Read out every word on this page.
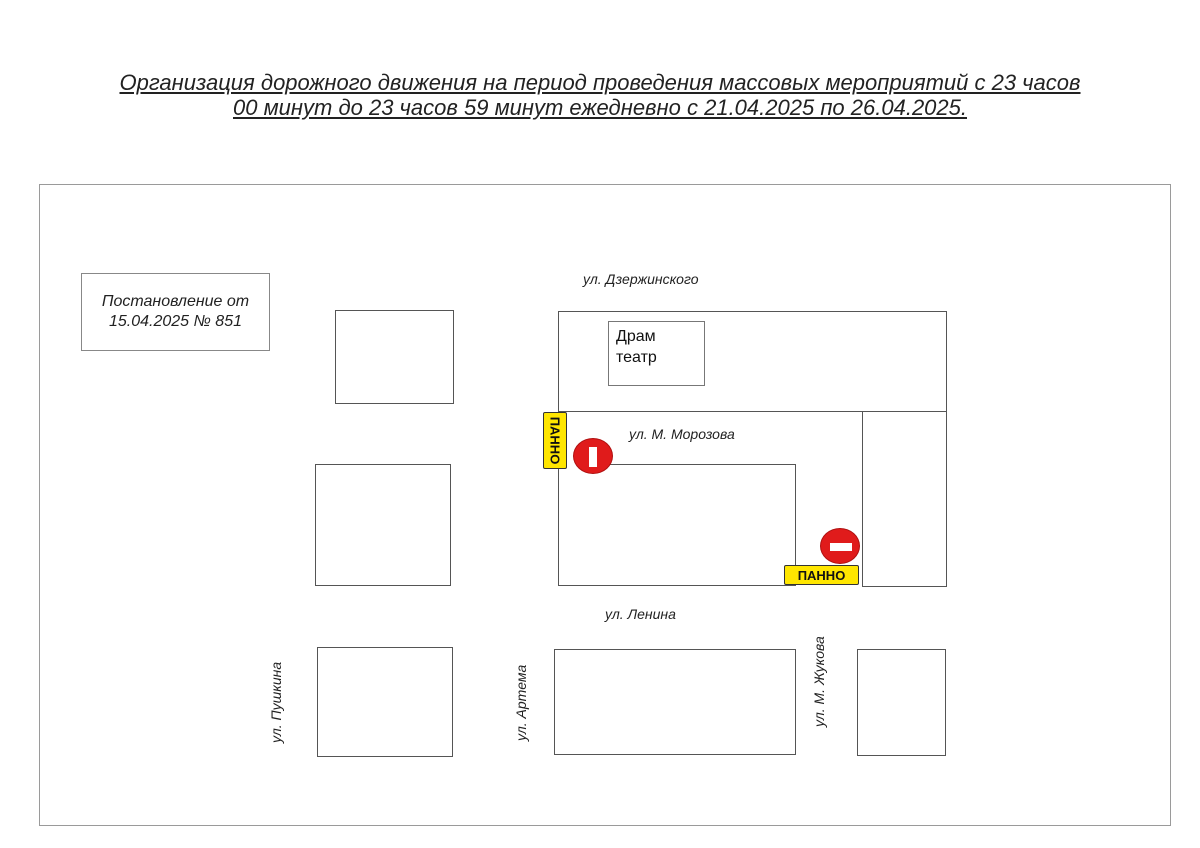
Организация дорожного движения на период проведения массовых мероприятий с 23 часов
00 минут до 23 часов 59 минут ежедневно с 21.04.2025 по 26.04.2025.
Постановление от
15.04.2025 № 851
ул. Дзержинского
ул. М. Морозова
ул. Ленина
ул. Пушкина	ул. Артема	ул. М. Жукова
Драм
театр
ПАННО
ПАННО
